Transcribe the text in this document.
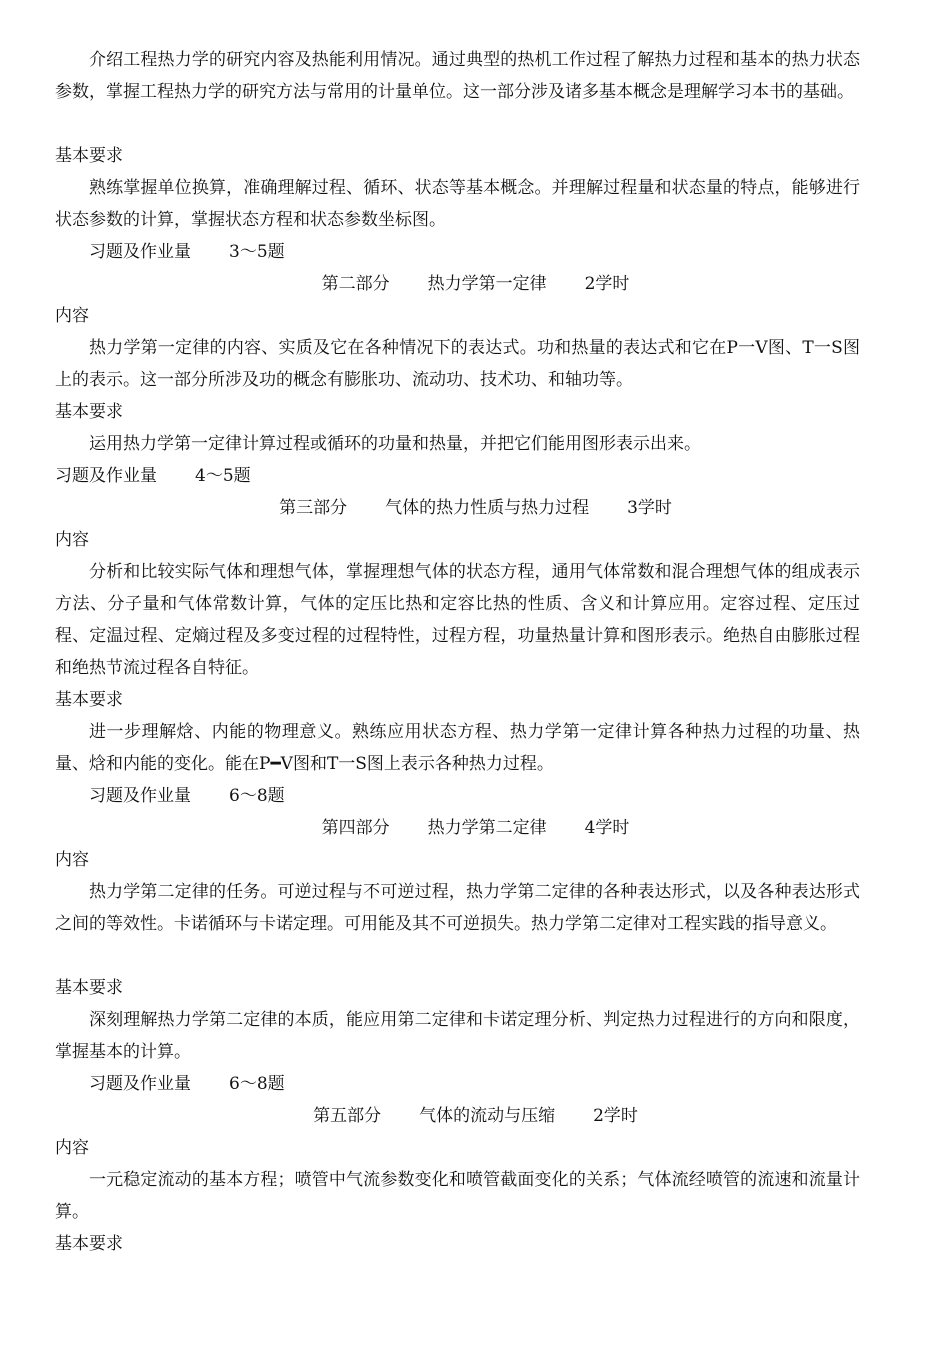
介绍工程热力学的研究内容及热能利用情况。通过典型的热机工作过程了解热力过程和基本的热力状态参数，掌握工程热力学的研究方法与常用的计量单位。这一部分涉及诸多基本概念是理解学习本书的基础。
基本要求
熟练掌握单位换算，准确理解过程、循环、状态等基本概念。并理解过程量和状态量的特点，能够进行状态参数的计算，掌握状态方程和状态参数坐标图。
习题及作业量 3～5题
第二部分 热力学第一定律 2学时
内容
热力学第一定律的内容、实质及它在各种情况下的表达式。功和热量的表达式和它在P一V图、T一S图上的表示。这一部分所涉及功的概念有膨胀功、流动功、技术功、和轴功等。
基本要求
运用热力学第一定律计算过程或循环的功量和热量，并把它们能用图形表示出来。
习题及作业量 4～5题
第三部分 气体的热力性质与热力过程 3学时
内容
分析和比较实际气体和理想气体，掌握理想气体的状态方程，通用气体常数和混合理想气体的组成表示方法、分子量和气体常数计算，气体的定压比热和定容比热的性质、含义和计算应用。定容过程、定压过程、定温过程、定熵过程及多变过程的过程特性，过程方程，功量热量计算和图形表示。绝热自由膨胀过程和绝热节流过程各自特征。
基本要求
进一步理解焓、内能的物理意义。熟练应用状态方程、热力学第一定律计算各种热力过程的功量、热量、焓和内能的变化。能在P━V图和T一S图上表示各种热力过程。
习题及作业量 6～8题
第四部分 热力学第二定律 4学时
内容
热力学第二定律的任务。可逆过程与不可逆过程，热力学第二定律的各种表达形式，以及各种表达形式之间的等效性。卡诺循环与卡诺定理。可用能及其不可逆损失。热力学第二定律对工程实践的指导意义。
基本要求
深刻理解热力学第二定律的本质，能应用第二定律和卡诺定理分析、判定热力过程进行的方向和限度，掌握基本的计算。
习题及作业量 6～8题
第五部分 气体的流动与压缩 2学时
内容
一元稳定流动的基本方程；喷管中气流参数变化和喷管截面变化的关系；气体流经喷管的流速和流量计算。
基本要求
